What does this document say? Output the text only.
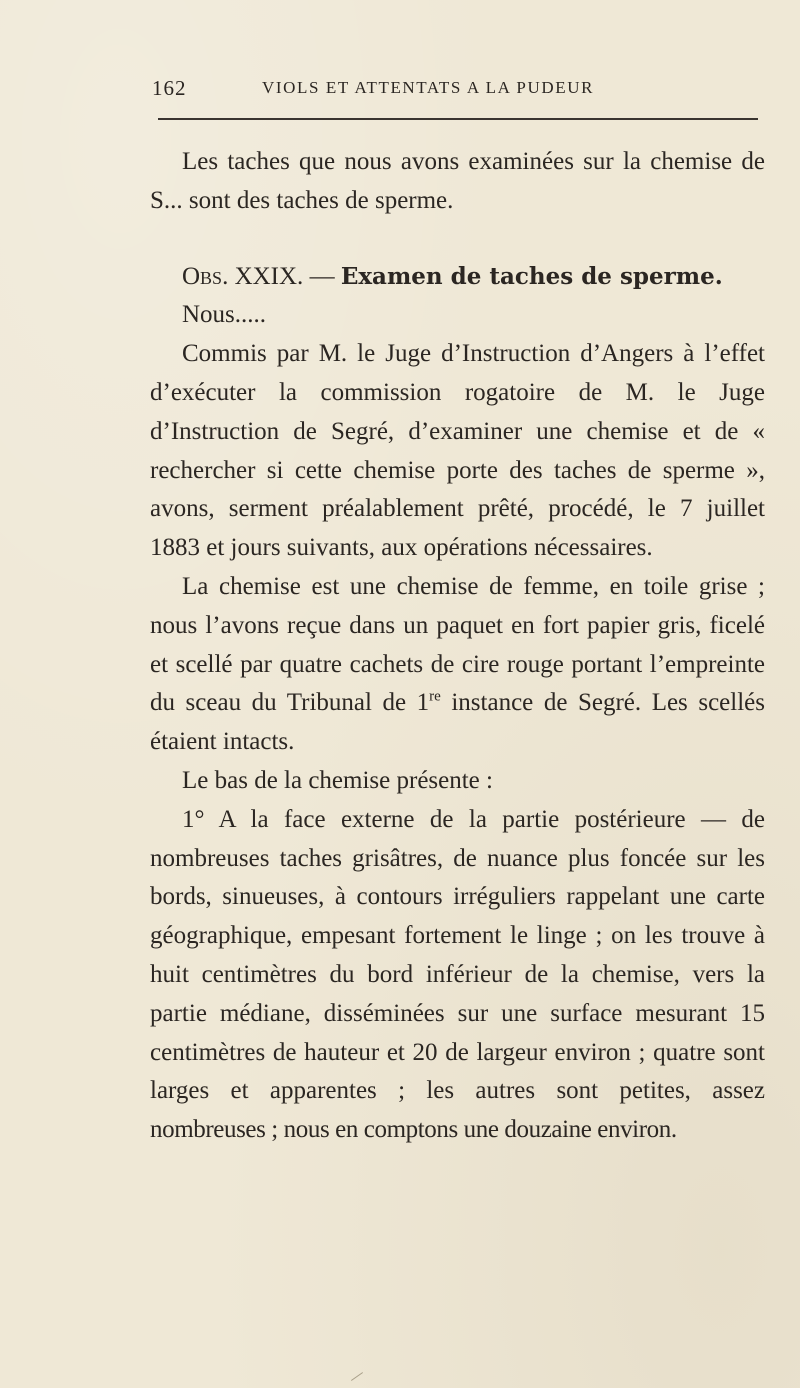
162	VIOLS ET ATTENTATS A LA PUDEUR

Les taches que nous avons examinées sur la chemise de S... sont des taches de sperme.

Obs. XXIX. — Examen de taches de sperme.

Nous.....

Commis par M. le Juge d’Instruction d’Angers à l’effet d’exécuter la commission rogatoire de M. le Juge d’Instruction de Segré, d’examiner une chemise et de « rechercher si cette chemise porte des taches de sperme », avons, serment préalablement prêté, procédé, le 7 juillet 1883 et jours suivants, aux opérations nécessaires.

La chemise est une chemise de femme, en toile grise ; nous l’avons reçue dans un paquet en fort papier gris, ficelé et scellé par quatre cachets de cire rouge portant l’empreinte du sceau du Tribunal de 1re instance de Segré. Les scellés étaient intacts.

Le bas de la chemise présente :

1° A la face externe de la partie postérieure — de nombreuses taches grisâtres, de nuance plus foncée sur les bords, sinueuses, à contours irréguliers rappelant une carte géographique, empesant fortement le linge ; on les trouve à huit centimètres du bord inférieur de la chemise, vers la partie médiane, disséminées sur une surface mesurant 15 centimètres de hauteur et 20 de largeur environ ; quatre sont larges et apparentes ; les autres sont petites, assez nombreuses ; nous en comptons une douzaine environ.
